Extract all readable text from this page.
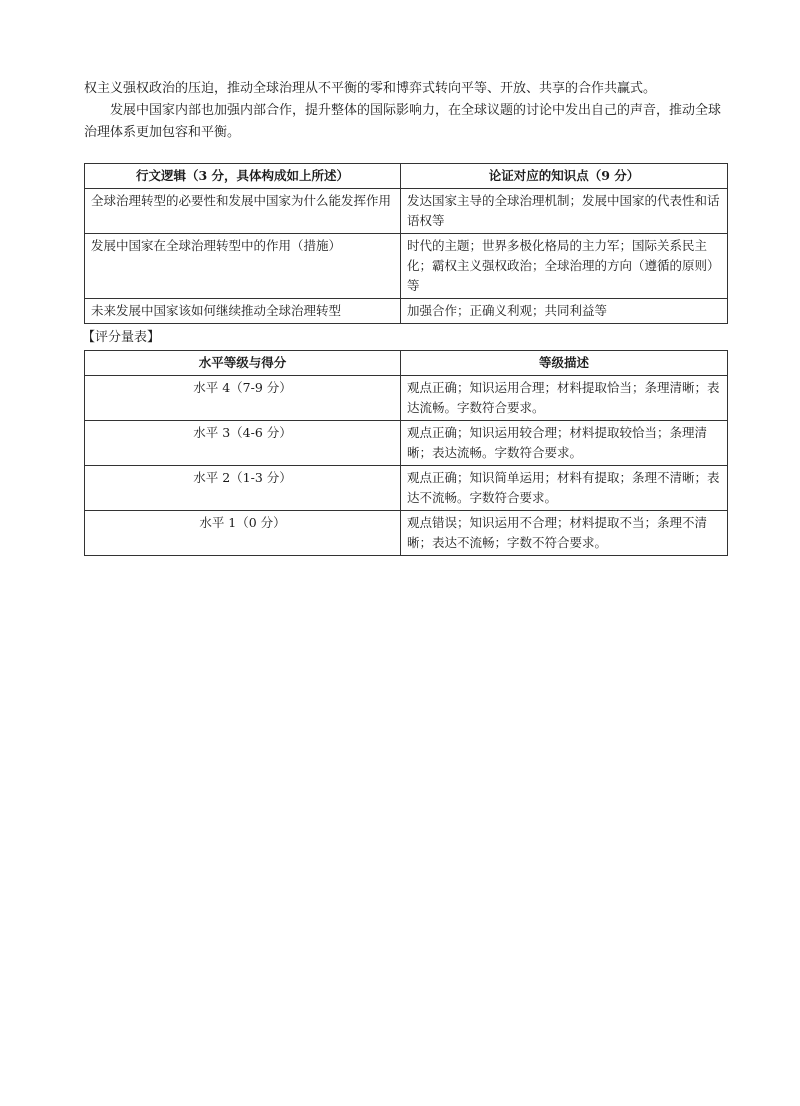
权主义强权政治的压迫，推动全球治理从不平衡的零和博弈式转向平等、开放、共享的合作共赢式。

发展中国家内部也加强内部合作，提升整体的国际影响力，在全球议题的讨论中发出自己的声音，推动全球治理体系更加包容和平衡。

行文逻辑（3 分，具体构成如上所述）	论证对应的知识点（9 分）
全球治理转型的必要性和发展中国家为什么能发挥作用	发达国家主导的全球治理机制；发展中国家的代表性和话语权等
发展中国家在全球治理转型中的作用（措施）	时代的主题；世界多极化格局的主力军；国际关系民主化；霸权主义强权政治；全球治理的方向（遵循的原则）等
未来发展中国家该如何继续推动全球治理转型	加强合作；正确义利观；共同利益等

【评分量表】

水平等级与得分	等级描述
水平 4（7-9 分）	观点正确；知识运用合理；材料提取恰当；条理清晰；表达流畅。字数符合要求。
水平 3（4-6 分）	观点正确；知识运用较合理；材料提取较恰当；条理清晰；表达流畅。字数符合要求。
水平 2（1-3 分）	观点正确；知识简单运用；材料有提取；条理不清晰；表达不流畅。字数符合要求。
水平 1（0 分）	观点错误；知识运用不合理；材料提取不当；条理不清晰；表达不流畅；字数不符合要求。
